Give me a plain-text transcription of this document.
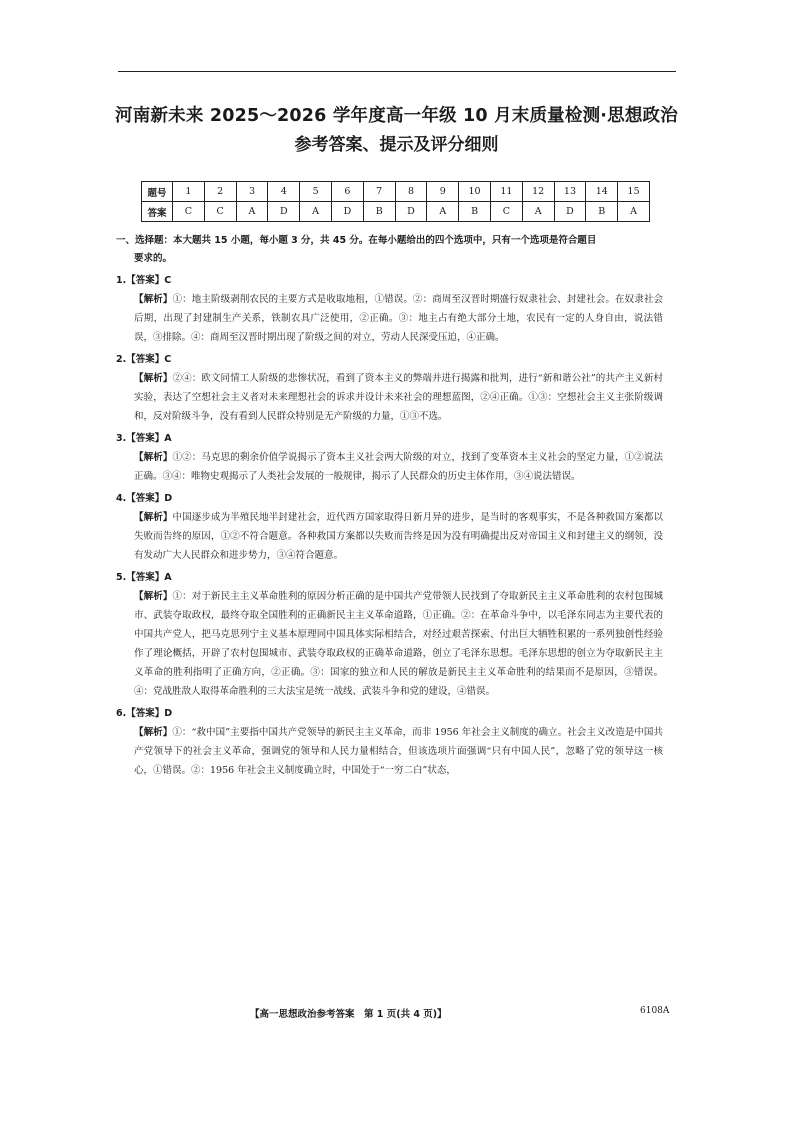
河南新未来 2025～2026 学年度高一年级 10 月末质量检测·思想政治
参考答案、提示及评分细则
题号	1	2	3	4	5	6	7	8	9	10	11	12	13	14	15
答案	C	C	A	D	A	D	B	D	A	B	C	A	D	B	A
一、选择题：本大题共 15 小题，每小题 3 分，共 45 分。在每小题给出的四个选项中，只有一个选项是符合题目
要求的。
1.【答案】C
【解析】①：地主阶级剥削农民的主要方式是收取地租，①错误。②：商周至汉晋时期盛行奴隶社会、封建社会。在奴隶社会后期，出现了封建制生产关系，铁制农具广泛使用，②正确。③：地主占有绝大部分土地，农民有一定的人身自由，说法错误，③排除。④：商周至汉晋时期出现了阶级之间的对立，劳动人民深受压迫，④正确。
2.【答案】C
【解析】②④：欧文同情工人阶级的悲惨状况，看到了资本主义的弊端并进行揭露和批判，进行“新和谐公社”的共产主义新村实验，表达了空想社会主义者对未来理想社会的诉求并设计未来社会的理想蓝图，②④正确。①③：空想社会主义主张阶级调和，反对阶级斗争，没有看到人民群众特别是无产阶级的力量，①③不选。
3.【答案】A
【解析】①②：马克思的剩余价值学说揭示了资本主义社会两大阶级的对立，找到了变革资本主义社会的坚定力量，①②说法正确。③④：唯物史观揭示了人类社会发展的一般规律，揭示了人民群众的历史主体作用，③④说法错误。
4.【答案】D
【解析】中国逐步成为半殖民地半封建社会，近代西方国家取得日新月异的进步，是当时的客观事实，不是各种救国方案都以失败而告终的原因，①②不符合题意。各种救国方案都以失败而告终是因为没有明确提出反对帝国主义和封建主义的纲领，没有发动广大人民群众和进步势力，③④符合题意。
5.【答案】A
【解析】①：对于新民主主义革命胜利的原因分析正确的是中国共产党带领人民找到了夺取新民主主义革命胜利的农村包围城市、武装夺取政权，最终夺取全国胜利的正确新民主主义革命道路，①正确。②：在革命斗争中，以毛泽东同志为主要代表的中国共产党人，把马克思列宁主义基本原理同中国具体实际相结合，对经过艰苦探索、付出巨大牺牲积累的一系列独创性经验作了理论概括，开辟了农村包围城市、武装夺取政权的正确革命道路，创立了毛泽东思想。毛泽东思想的创立为夺取新民主主义革命的胜利指明了正确方向，②正确。③：国家的独立和人民的解放是新民主主义革命胜利的结果而不是原因，③错误。④：党战胜敌人取得革命胜利的三大法宝是统一战线、武装斗争和党的建设，④错误。
6.【答案】D
【解析】①：“救中国”主要指中国共产党领导的新民主主义革命，而非 1956 年社会主义制度的确立。社会主义改造是中国共产党领导下的社会主义革命，强调党的领导和人民力量相结合，但该选项片面强调“只有中国人民”，忽略了党的领导这一核心，①错误。②：1956 年社会主义制度确立时，中国处于“一穷二白”状态，
【高一思想政治参考答案　第 1 页(共 4 页)】	6108A
